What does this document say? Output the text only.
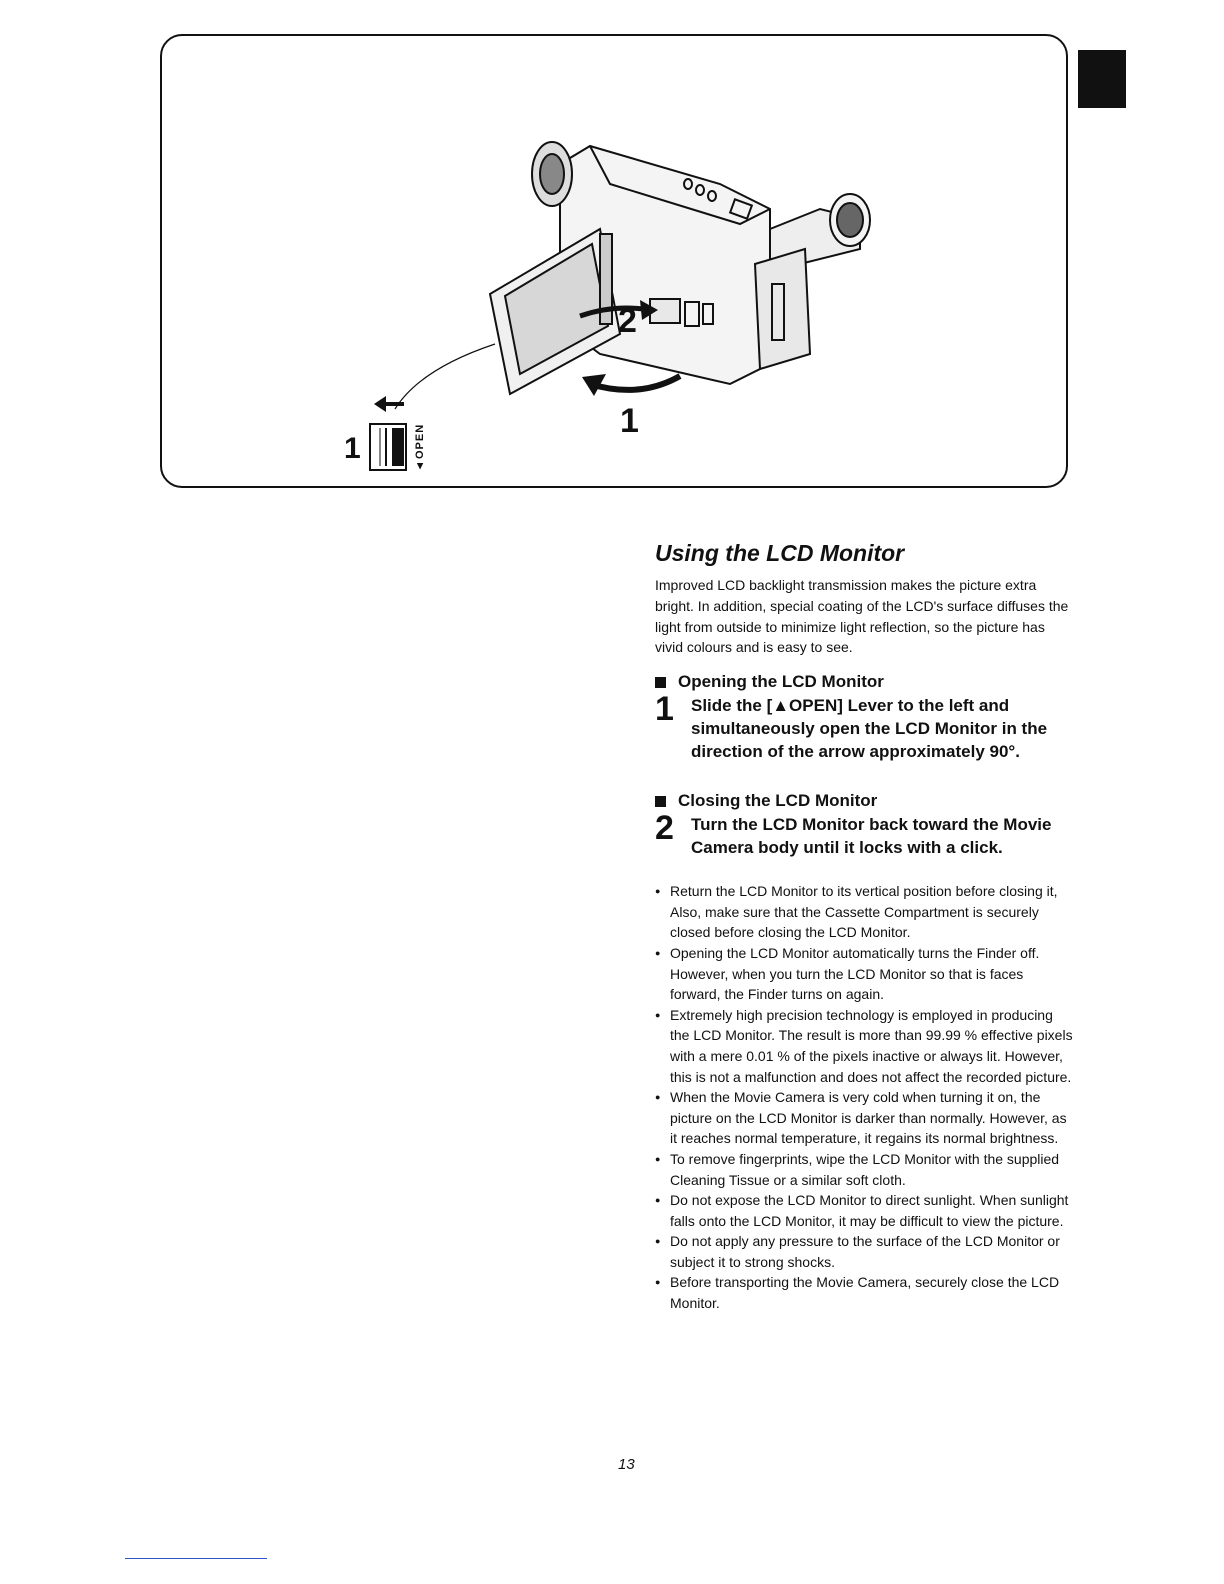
2
1
1	▲OPEN
Using the LCD Monitor

Improved LCD backlight transmission makes the picture extra bright. In addition, special coating of the LCD's surface diffuses the light from outside to minimize light reflection, so the picture has vivid colours and is easy to see.

Opening the LCD Monitor
1	Slide the [▲OPEN] Lever to the left and simultaneously open the LCD Monitor in the direction of the arrow approximately 90°.
Closing the LCD Monitor
2	Turn the LCD Monitor back toward the Movie Camera body until it locks with a click.
● Return the LCD Monitor to its vertical position before closing it, Also, make sure that the Cassette Compartment is securely closed before closing the LCD Monitor.
● Opening the LCD Monitor automatically turns the Finder off. However, when you turn the LCD Monitor so that is faces forward, the Finder turns on again.
● Extremely high precision technology is employed in producing the LCD Monitor. The result is more than 99.99 % effective pixels with a mere 0.01 % of the pixels inactive or always lit. However, this is not a malfunction and does not affect the recorded picture.
● When the Movie Camera is very cold when turning it on, the picture on the LCD Monitor is darker than normally. However, as it reaches normal temperature, it regains its normal brightness.
● To remove fingerprints, wipe the LCD Monitor with the supplied Cleaning Tissue or a similar soft cloth.
● Do not expose the LCD Monitor to direct sunlight. When sunlight falls onto the LCD Monitor, it may be difficult to view the picture.
● Do not apply any pressure to the surface of the LCD Monitor or subject it to strong shocks.
● Before transporting the Movie Camera, securely close the LCD Monitor.
13
